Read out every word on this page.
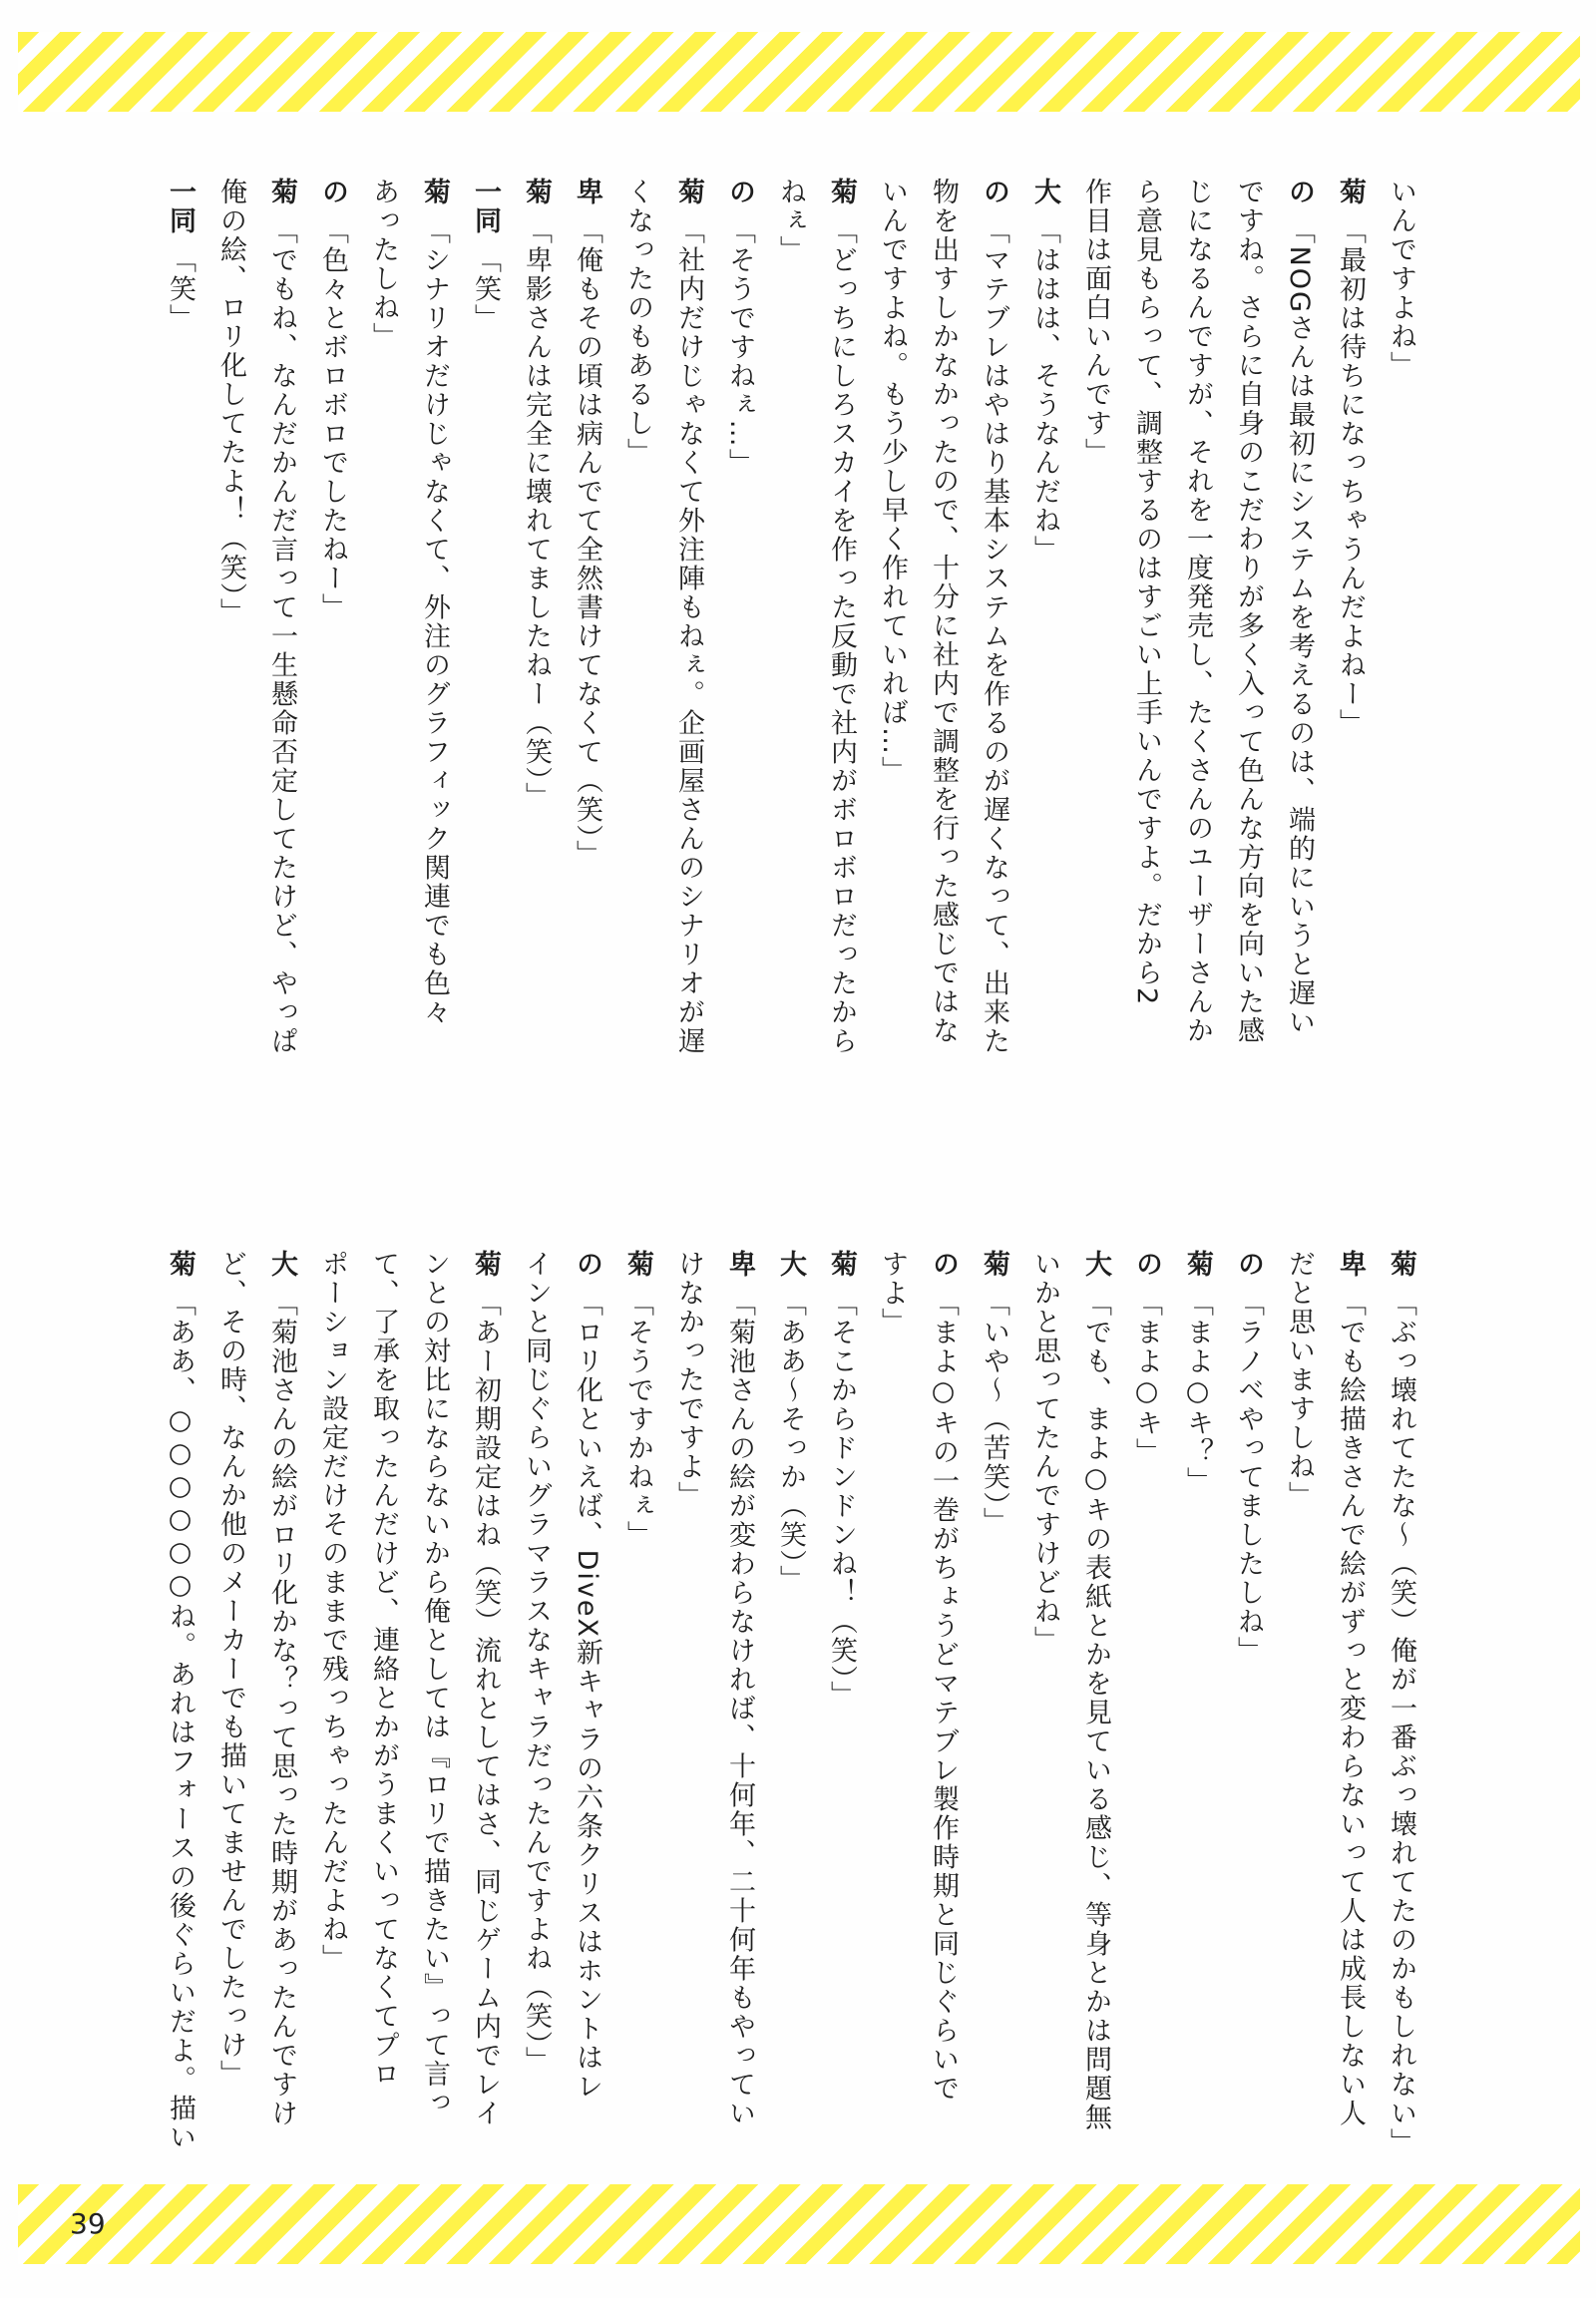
いんですよね」
菊 「最初は待ちになっちゃうんだよねー」
の 「NOGさんは最初にシステムを考えるのは、端的にいうと遅い
ですね。さらに自身のこだわりが多く入って色んな方向を向いた感
じになるんですが、それを一度発売し、たくさんのユーザーさんか
ら意見もらって、調整するのはすごい上手いんですよ。だから2
作目は面白いんです」
大 「ははは、そうなんだね」
の 「マテブレはやはり基本システムを作るのが遅くなって、出来た
物を出すしかなかったので、十分に社内で調整を行った感じではな
いんですよね。もう少し早く作れていれば…」
菊 「どっちにしろスカイを作った反動で社内がボロボロだったから
ねぇ」
の 「そうですねぇ…」
菊 「社内だけじゃなくて外注陣もねぇ。企画屋さんのシナリオが遅
くなったのもあるし」
卑 「俺もその頃は病んでて全然書けてなくて（笑）」
菊 「卑影さんは完全に壊れてましたねー（笑）」
一同 「笑」
菊 「シナリオだけじゃなくて、外注のグラフィック関連でも色々
あったしね」
の 「色々とボロボロでしたねー」
菊 「でもね、なんだかんだ言って一生懸命否定してたけど、やっぱ
俺の絵、ロリ化してたよ！（笑）」
一同 「笑」
菊 「ぶっ壊れてたな～（笑）俺が一番ぶっ壊れてたのかもしれない」
卑 「でも絵描きさんで絵がずっと変わらないって人は成長しない人
だと思いますしね」
の 「ラノベやってましたしね」
菊 「まよ○キ？」
の 「まよ○キ」
大 「でも、まよ○キの表紙とかを見ている感じ、等身とかは問題無
いかと思ってたんですけどね」
菊 「いや～（苦笑）」
の 「まよ○キの一巻がちょうどマテブレ製作時期と同じぐらいで
すよ」
菊 「そこからドンドンね！（笑）」
大 「ああ～そっか（笑）」
卑 「菊池さんの絵が変わらなければ、十何年、二十何年もやってい
けなかったですよ」
菊 「そうですかねぇ」
の 「ロリ化といえば、DiveX新キャラの六条クリスはホントはレ
インと同じぐらいグラマラスなキャラだったんですよね（笑）」
菊 「あー初期設定はね（笑）流れとしてはさ、同じゲーム内でレイ
ンとの対比にならないから俺としては『ロリで描きたい』って言っ
て、了承を取ったんだけど、連絡とかがうまくいってなくてプロ
ポーション設定だけそのままで残っちゃったんだよね」
大 「菊池さんの絵がロリ化かな？って思った時期があったんですけ
ど、その時、なんか他のメーカーでも描いてませんでしたっけ」
菊 「ああ、○○○○○○ね。あれはフォースの後ぐらいだよ。描い
39
